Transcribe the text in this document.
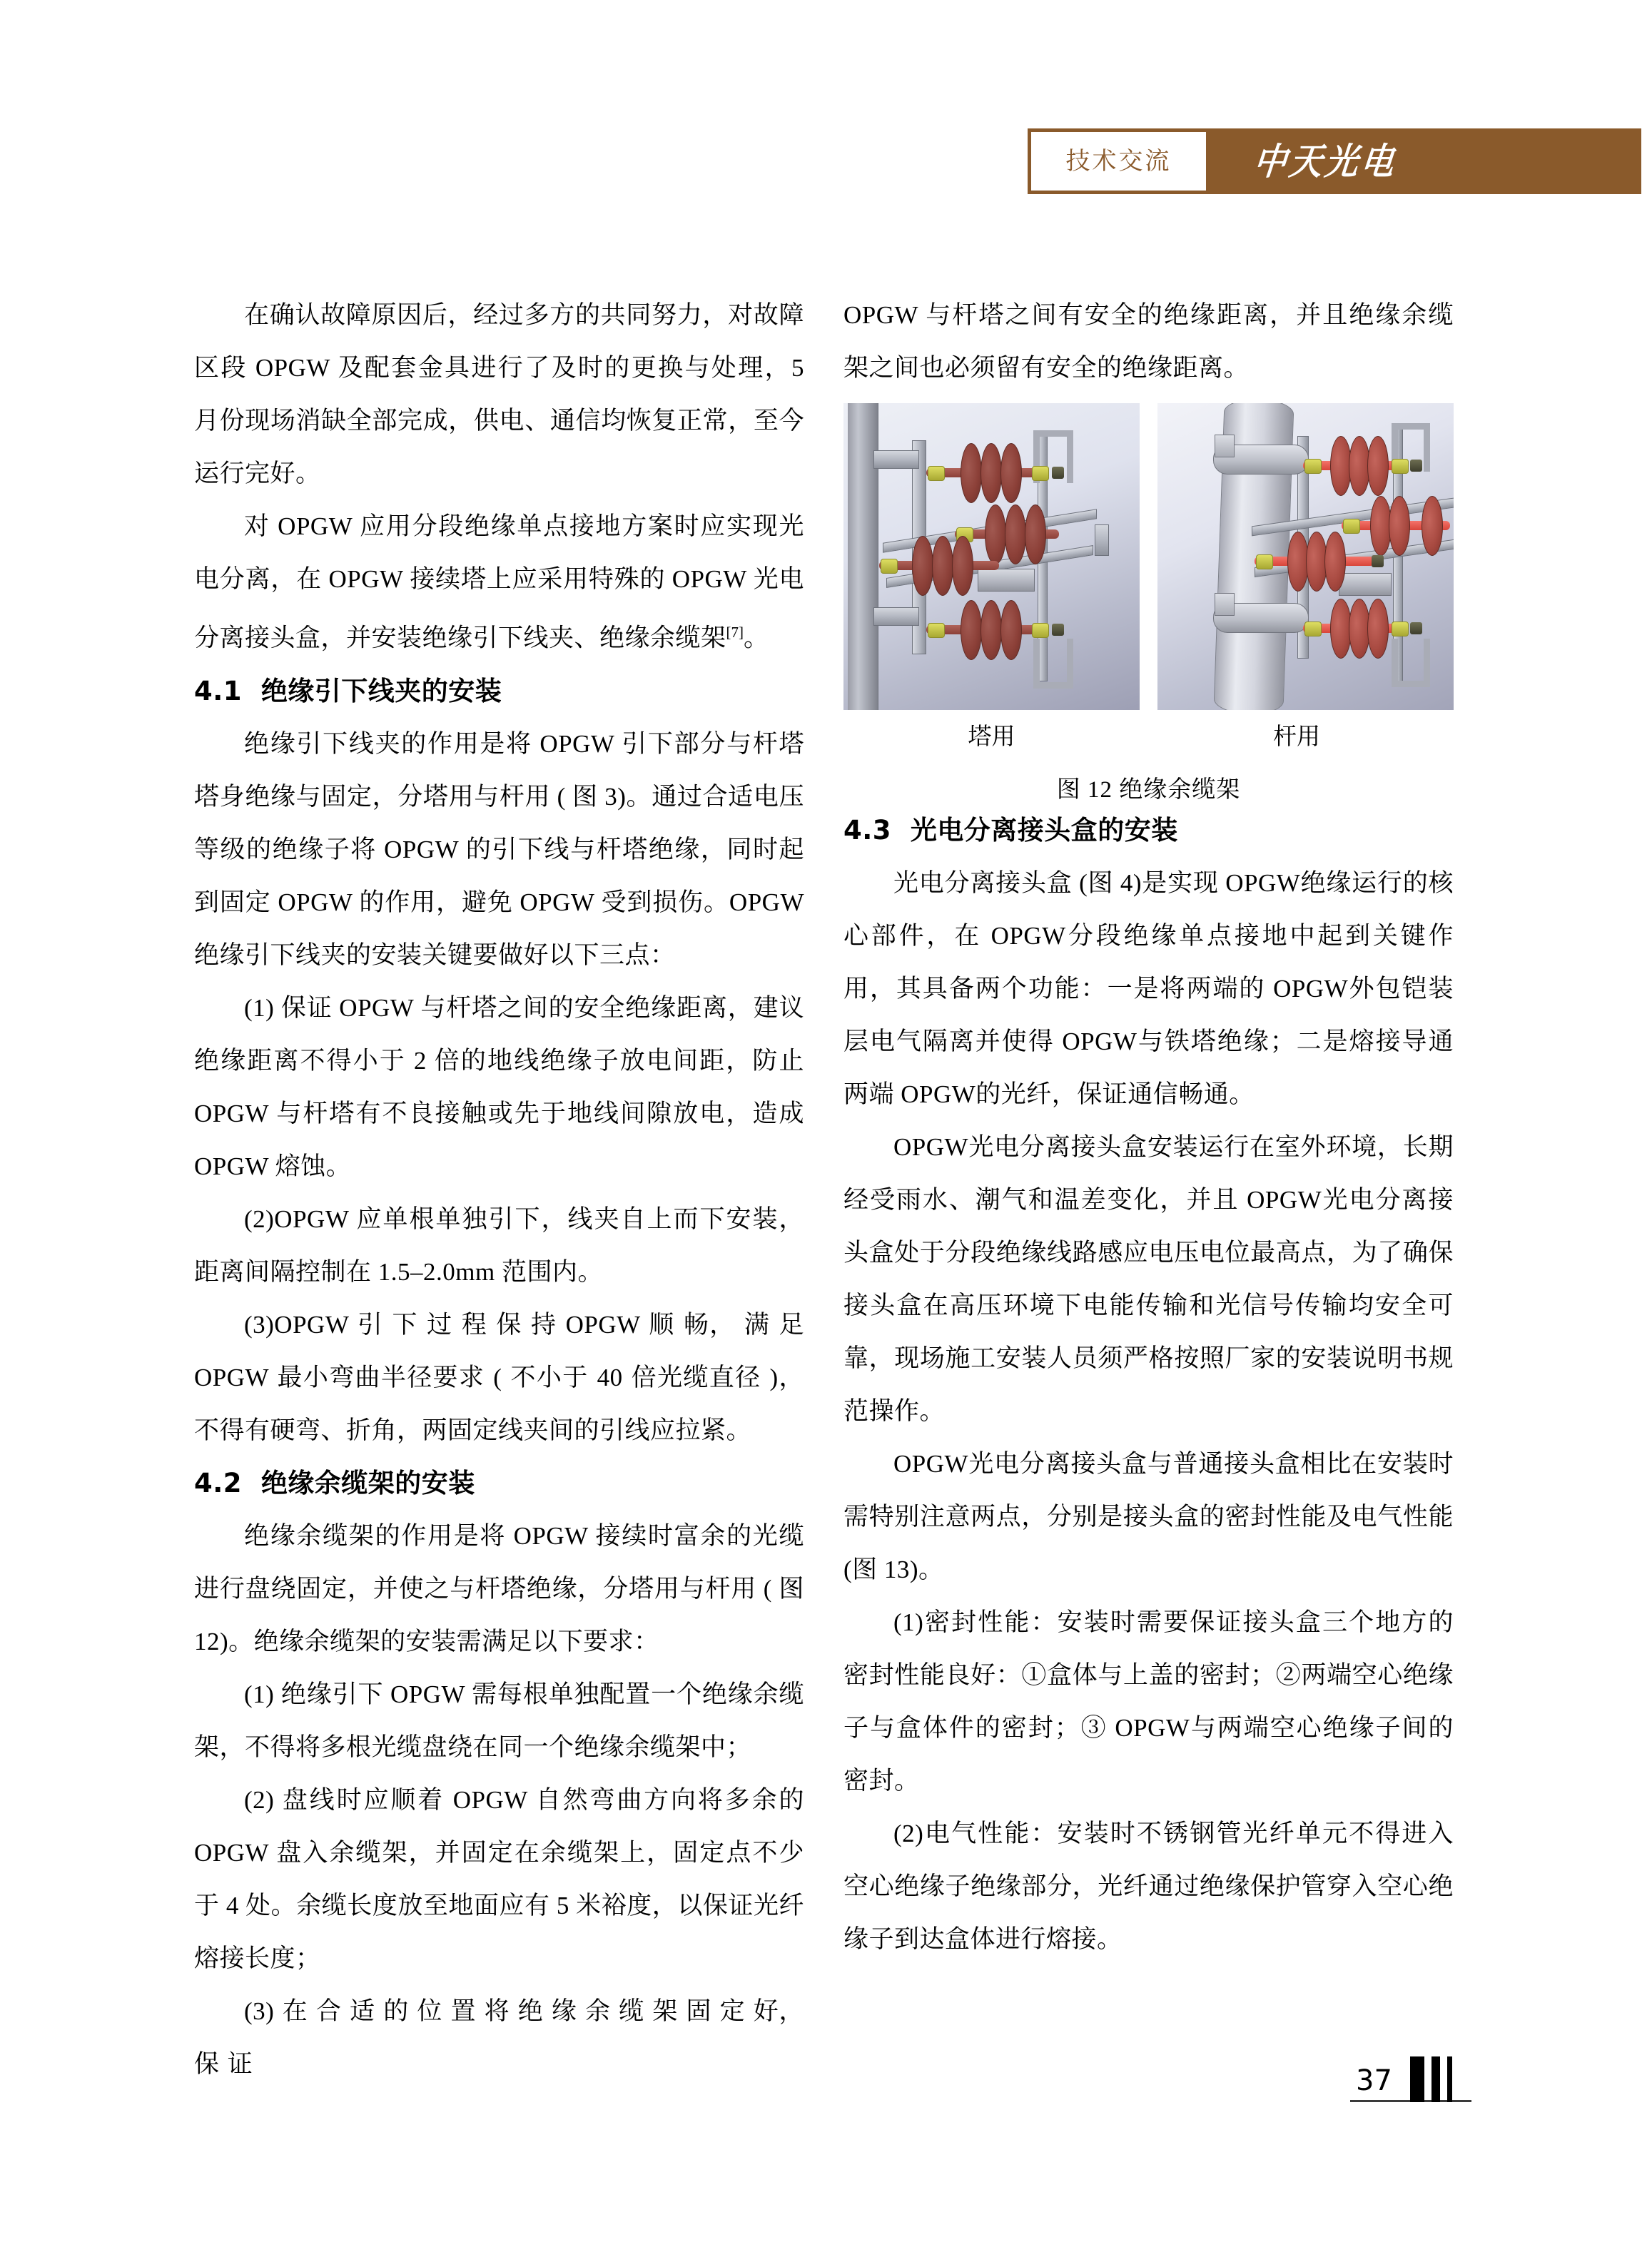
技术交流 中天光电

在确认故障原因后，经过多方的共同努力，对故障区段 OPGW 及配套金具进行了及时的更换与处理，5 月份现场消缺全部完成，供电、通信均恢复正常，至今运行完好。

对 OPGW 应用分段绝缘单点接地方案时应实现光电分离，在 OPGW 接续塔上应采用特殊的 OPGW 光电分离接头盒，并安装绝缘引下线夹、绝缘余缆架[7]。

4.1 绝缘引下线夹的安装

绝缘引下线夹的作用是将 OPGW 引下部分与杆塔塔身绝缘与固定，分塔用与杆用 ( 图 3)。通过合适电压等级的绝缘子将 OPGW 的引下线与杆塔绝缘，同时起到固定 OPGW 的作用，避免 OPGW 受到损伤。OPGW 绝缘引下线夹的安装关键要做好以下三点：

(1) 保证 OPGW 与杆塔之间的安全绝缘距离，建议绝缘距离不得小于 2 倍的地线绝缘子放电间距，防止 OPGW 与杆塔有不良接触或先于地线间隙放电，造成 OPGW 熔蚀。

(2)OPGW 应单根单独引下，线夹自上而下安装，距离间隔控制在 1.5–2.0mm 范围内。

(3)OPGW 引 下 过 程 保 持 OPGW 顺 畅， 满 足 OPGW 最小弯曲半径要求 ( 不小于 40 倍光缆直径 )，不得有硬弯、折角，两固定线夹间的引线应拉紧。

4.2 绝缘余缆架的安装

绝缘余缆架的作用是将 OPGW 接续时富余的光缆进行盘绕固定，并使之与杆塔绝缘，分塔用与杆用 ( 图 12)。绝缘余缆架的安装需满足以下要求：

(1) 绝缘引下 OPGW 需每根单独配置一个绝缘余缆架，不得将多根光缆盘绕在同一个绝缘余缆架中；

(2) 盘线时应顺着 OPGW 自然弯曲方向将多余的 OPGW 盘入余缆架，并固定在余缆架上，固定点不少于 4 处。余缆长度放至地面应有 5 米裕度，以保证光纤熔接长度；

(3) 在 合 适 的 位 置 将 绝 缘 余 缆 架 固 定 好， 保 证

OPGW 与杆塔之间有安全的绝缘距离，并且绝缘余缆架之间也必须留有安全的绝缘距离。

塔用	杆用
图 12 绝缘余缆架
4.3 光电分离接头盒的安装

光电分离接头盒 (图 4)是实现 OPGW绝缘运行的核心部件，在 OPGW分段绝缘单点接地中起到关键作用，其具备两个功能：一是将两端的 OPGW外包铠装层电气隔离并使得 OPGW与铁塔绝缘；二是熔接导通两端 OPGW的光纤，保证通信畅通。

OPGW光电分离接头盒安装运行在室外环境，长期经受雨水、潮气和温差变化，并且 OPGW光电分离接头盒处于分段绝缘线路感应电压电位最高点，为了确保接头盒在高压环境下电能传输和光信号传输均安全可靠，现场施工安装人员须严格按照厂家的安装说明书规范操作。

OPGW光电分离接头盒与普通接头盒相比在安装时需特别注意两点，分别是接头盒的密封性能及电气性能 (图 13)。

(1)密封性能：安装时需要保证接头盒三个地方的密封性能良好：①盒体与上盖的密封；②两端空心绝缘子与盒体件的密封；③ OPGW与两端空心绝缘子间的密封。

(2)电气性能：安装时不锈钢管光纤单元不得进入空心绝缘子绝缘部分，光纤通过绝缘保护管穿入空心绝缘子到达盒体进行熔接。

37
